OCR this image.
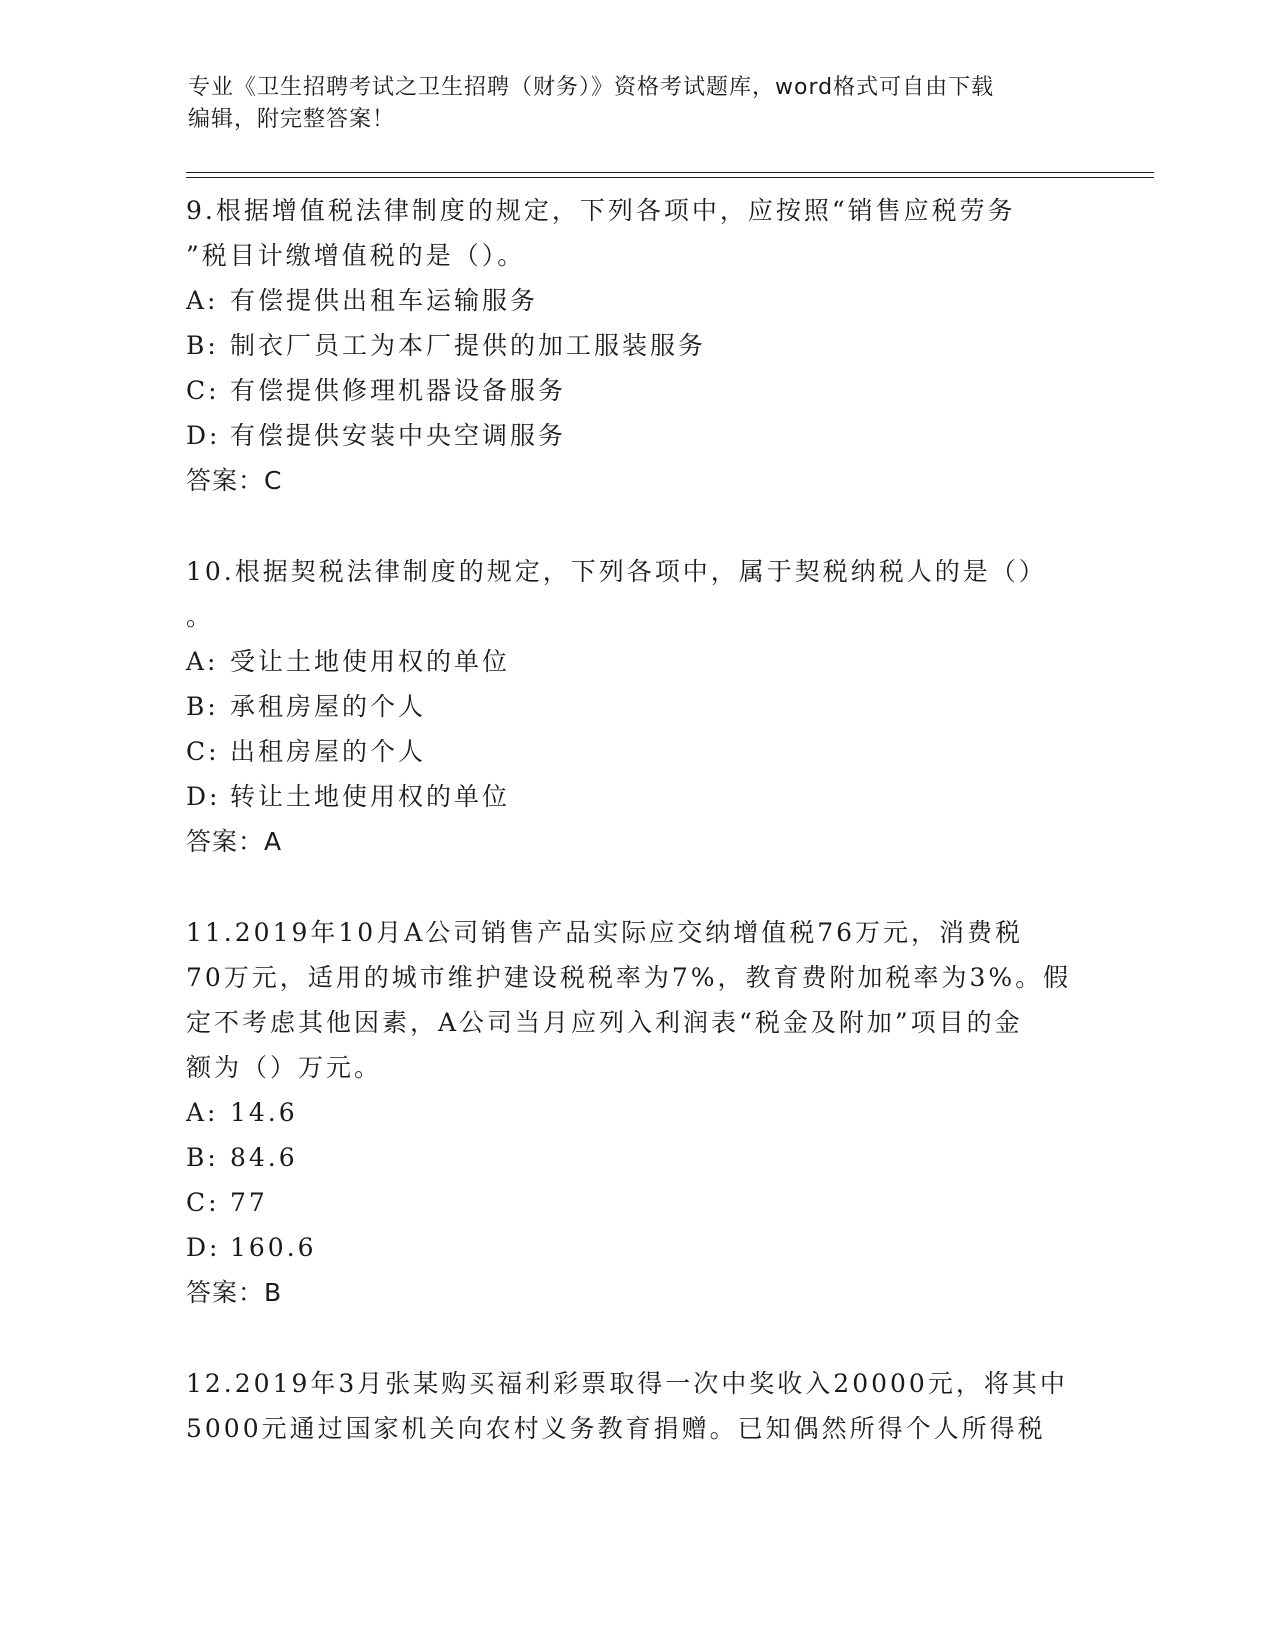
专业《卫生招聘考试之卫生招聘（财务）》资格考试题库，word格式可自由下载
编辑，附完整答案！

9.根据增值税法律制度的规定，下列各项中，应按照“销售应税劳务

”税目计缴增值税的是（）。

A: 有偿提供出租车运输服务

B: 制衣厂员工为本厂提供的加工服装服务

C: 有偿提供修理机器设备服务

D: 有偿提供安装中央空调服务

答案：C

10.根据契税法律制度的规定，下列各项中，属于契税纳税人的是（）

。

A: 受让土地使用权的单位

B: 承租房屋的个人

C: 出租房屋的个人

D: 转让土地使用权的单位

答案：A

11.2019年10月A公司销售产品实际应交纳增值税76万元，消费税

70万元，适用的城市维护建设税税率为7%，教育费附加税率为3%。假

定不考虑其他因素，A公司当月应列入利润表“税金及附加”项目的金

额为（）万元。

A: 14.6

B: 84.6

C: 77

D: 160.6

答案：B

12.2019年3月张某购买福利彩票取得一次中奖收入20000元，将其中

5000元通过国家机关向农村义务教育捐赠。已知偶然所得个人所得税
